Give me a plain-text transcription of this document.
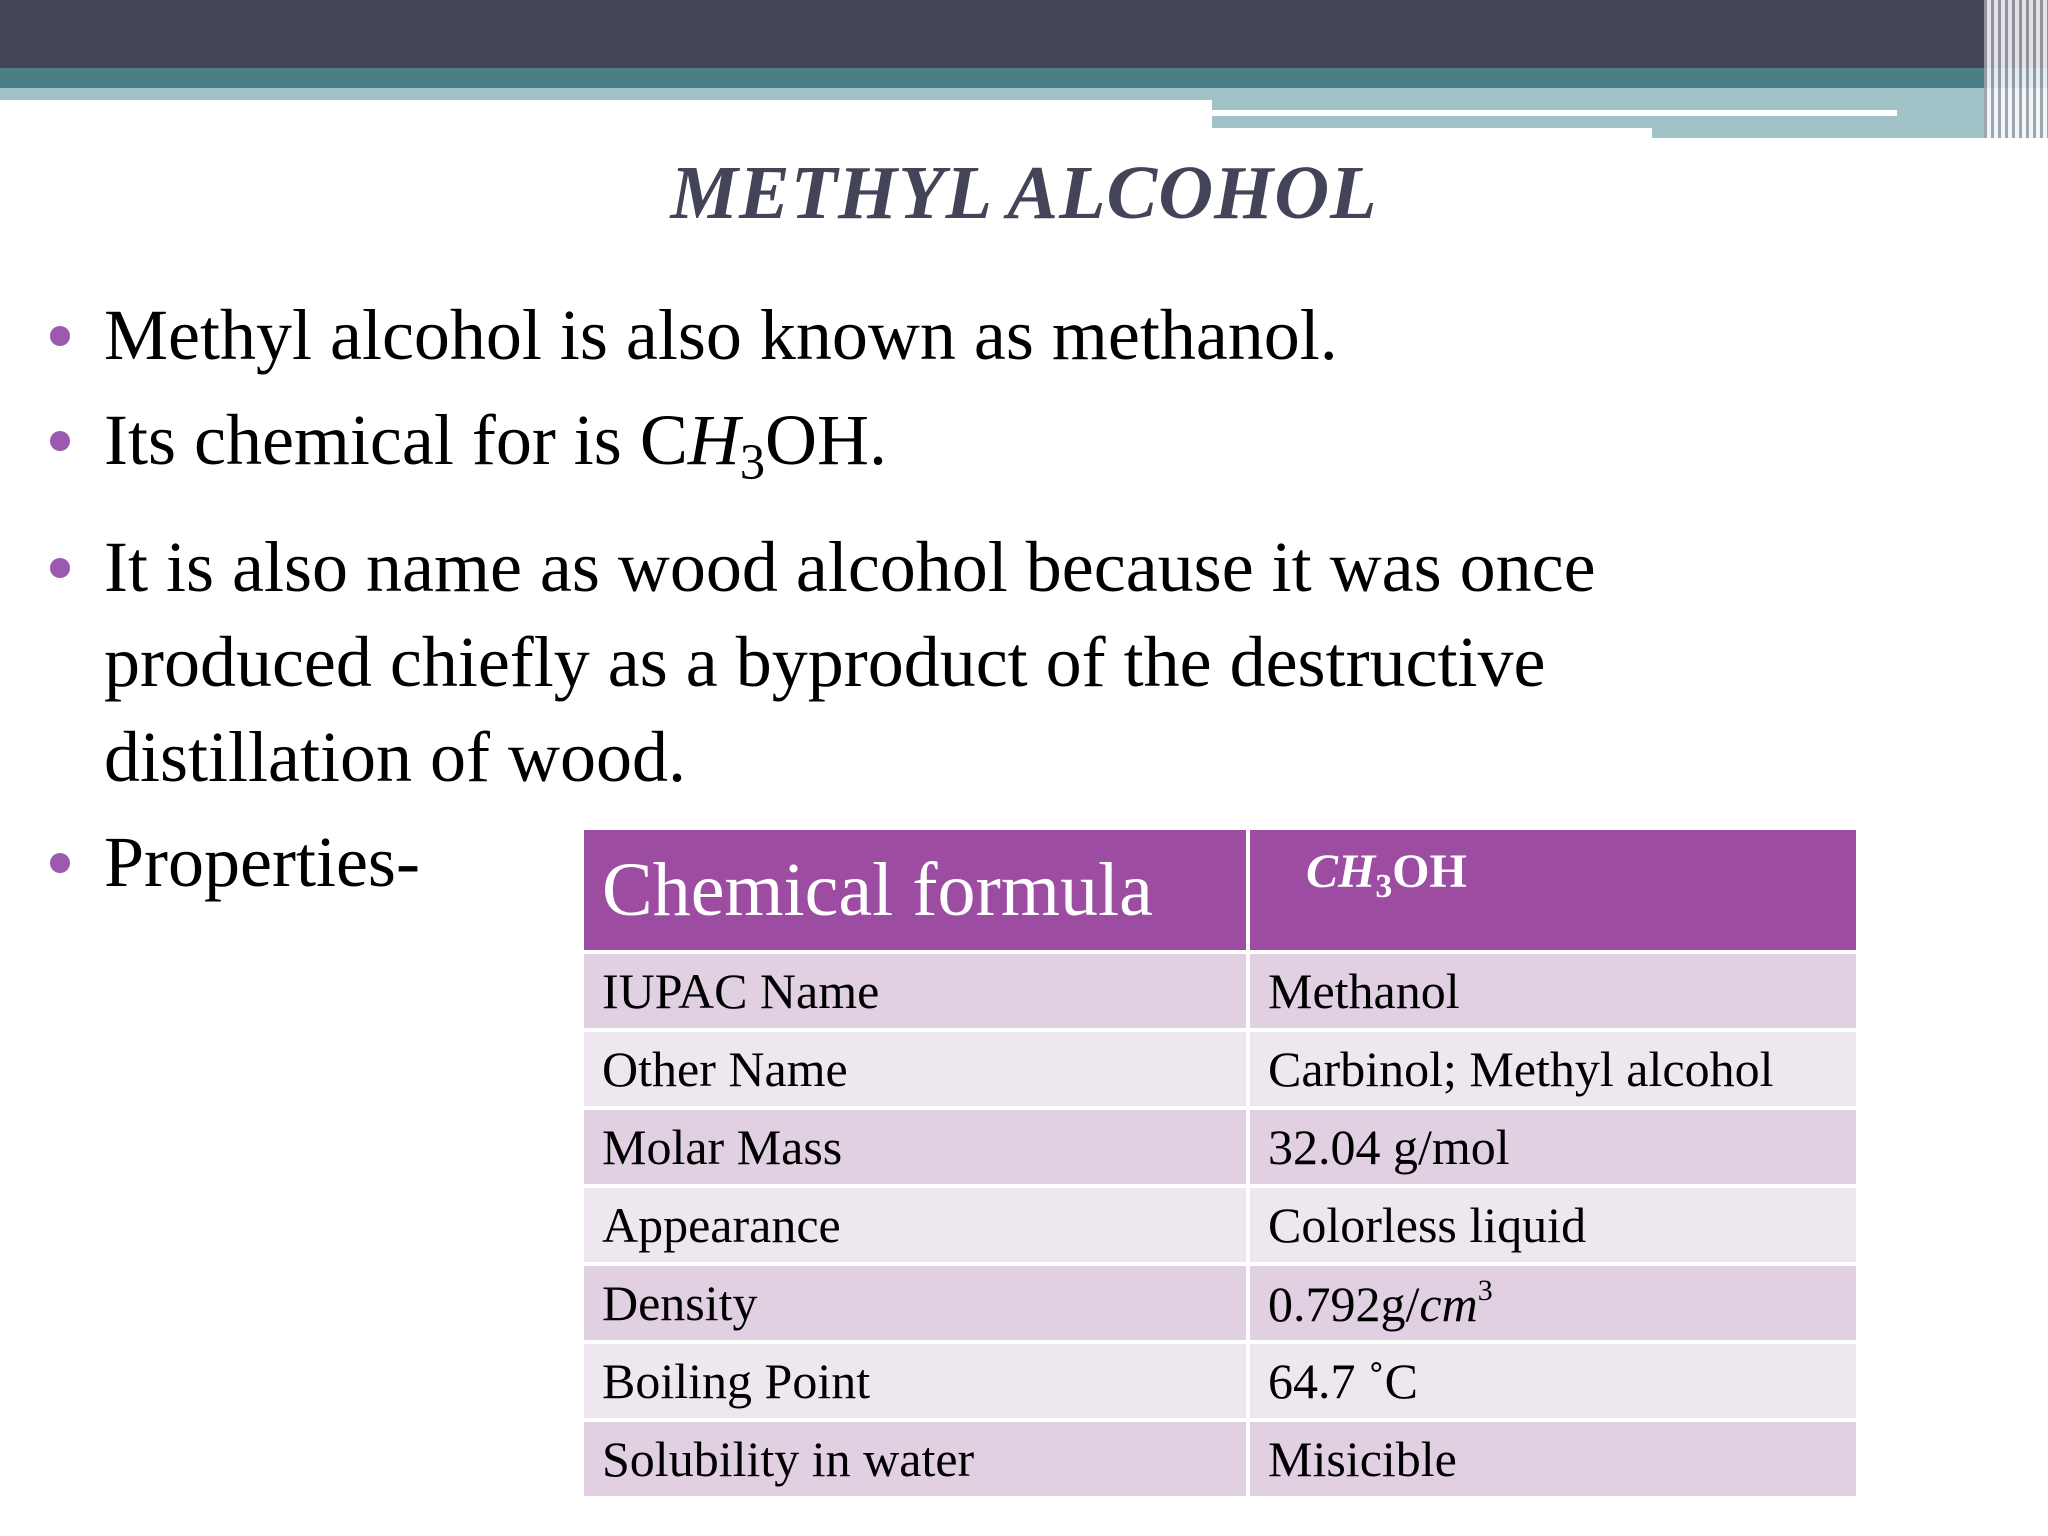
METHYL ALCOHOL
Methyl alcohol is also known as methanol.
Its chemical for is $CH_3OH$.
It is also name as wood alcohol because it was once produced chiefly as a byproduct of the destructive distillation of wood.
Properties-	Chemical formula	$CH_3OH$
IUPAC Name	Methanol
Other Name	Carbinol; Methyl alcohol
Molar Mass	32.04 g/mol
Appearance	Colorless liquid
Density	$0.792g/cm^3$
Boiling Point	64.7 ˚C
Solubility in water	Misicible
